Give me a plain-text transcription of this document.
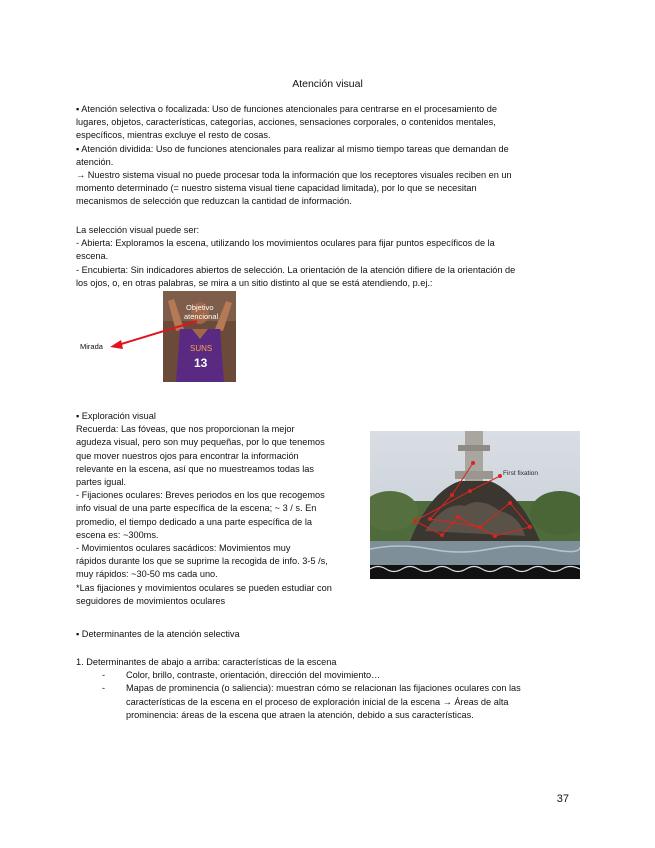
Atención visual
▪ Atención selectiva o focalizada: Uso de funciones atencionales para centrarse en el procesamiento de
lugares, objetos, características, categorías, acciones, sensaciones corporales, o contenidos mentales,
específicos, mientras excluye el resto de cosas.
▪ Atención dividida: Uso de funciones atencionales para realizar al mismo tiempo tareas que demandan de
atención.
→ Nuestro sistema visual no puede procesar toda la información que los receptores visuales reciben en un
momento determinado (= nuestro sistema visual tiene capacidad limitada), por lo que se necesitan
mecanismos de selección que reduzcan la cantidad de información.
La selección visual puede ser:
- Abierta: Exploramos la escena, utilizando los movimientos oculares para fijar puntos específicos de la
escena.
- Encubierta: Sin indicadores abiertos de selección. La orientación de la atención difiere de la orientación de
los ojos, o, en otras palabras, se mira a un sitio distinto al que se está atendiendo, p.ej.:
SUNS
13
Objetivo
atencional
Mirada
▪ Exploración visual
Recuerda: Las fóveas, que nos proporcionan la mejor
agudeza visual, pero son muy pequeñas, por lo que tenemos
que mover nuestros ojos para encontrar la información
relevante en la escena, así que no muestreamos todas las
partes igual.
- Fijaciones oculares: Breves periodos en los que recogemos
info visual de una parte específica de la escena; ~ 3 / s. En
promedio, el tiempo dedicado a una parte específica de la
escena es: ~300ms.
- Movimientos oculares sacádicos: Movimientos muy
rápidos durante los que se suprime la recogida de info. 3-5 /s,
muy rápidos: ~30-50 ms cada uno.
*Las fijaciones y movimientos oculares se pueden estudiar con
seguidores de movimientos oculares
First fixation
▪ Determinantes de la atención selectiva
1. Determinantes de abajo a arriba: características de la escena
- Color, brillo, contraste, orientación, dirección del movimiento…
- Mapas de prominencia (o saliencia): muestran cómo se relacionan las fijaciones oculares con las
características de la escena en el proceso de exploración inicial de la escena → Áreas de alta
prominencia: áreas de la escena que atraen la atención, debido a sus características.
37
